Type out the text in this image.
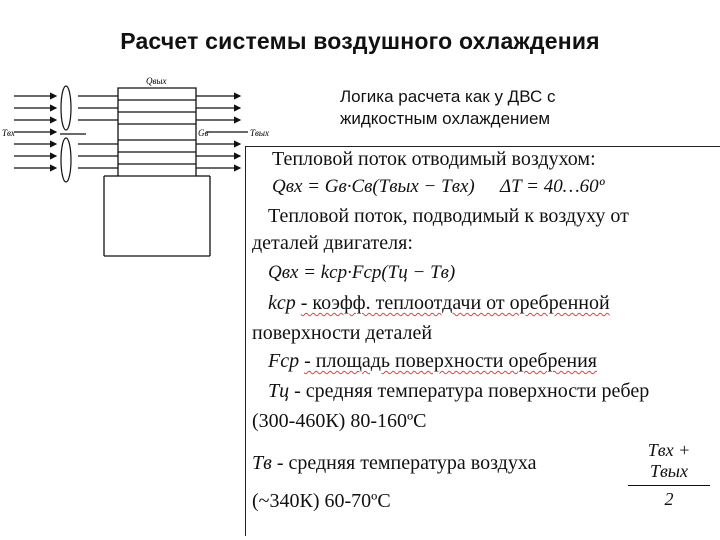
Расчет системы воздушного охлаждения
Логика расчета как у ДВС с жидкостным охлаждением
Qвых
Tвх	Gв	Tвых
Тепловой поток отводимый воздухом:
Qвх = Gв·Cв(Tвых − Tвх) ΔT = 40…60º
Тепловой поток, подводимый к воздуху от
деталей двигателя:
Qвх = kср·Fср(Tц − Tв)
kср - коэфф. теплоотдачи от оребренной
поверхности деталей
Fср - площадь поверхности оребрения
Tц - средняя температура поверхности ребер
(300-460К) 80-160ºС
Tв - средняя температура воздуха
Tвх + Tвых
2
(~340К) 60-70ºС
